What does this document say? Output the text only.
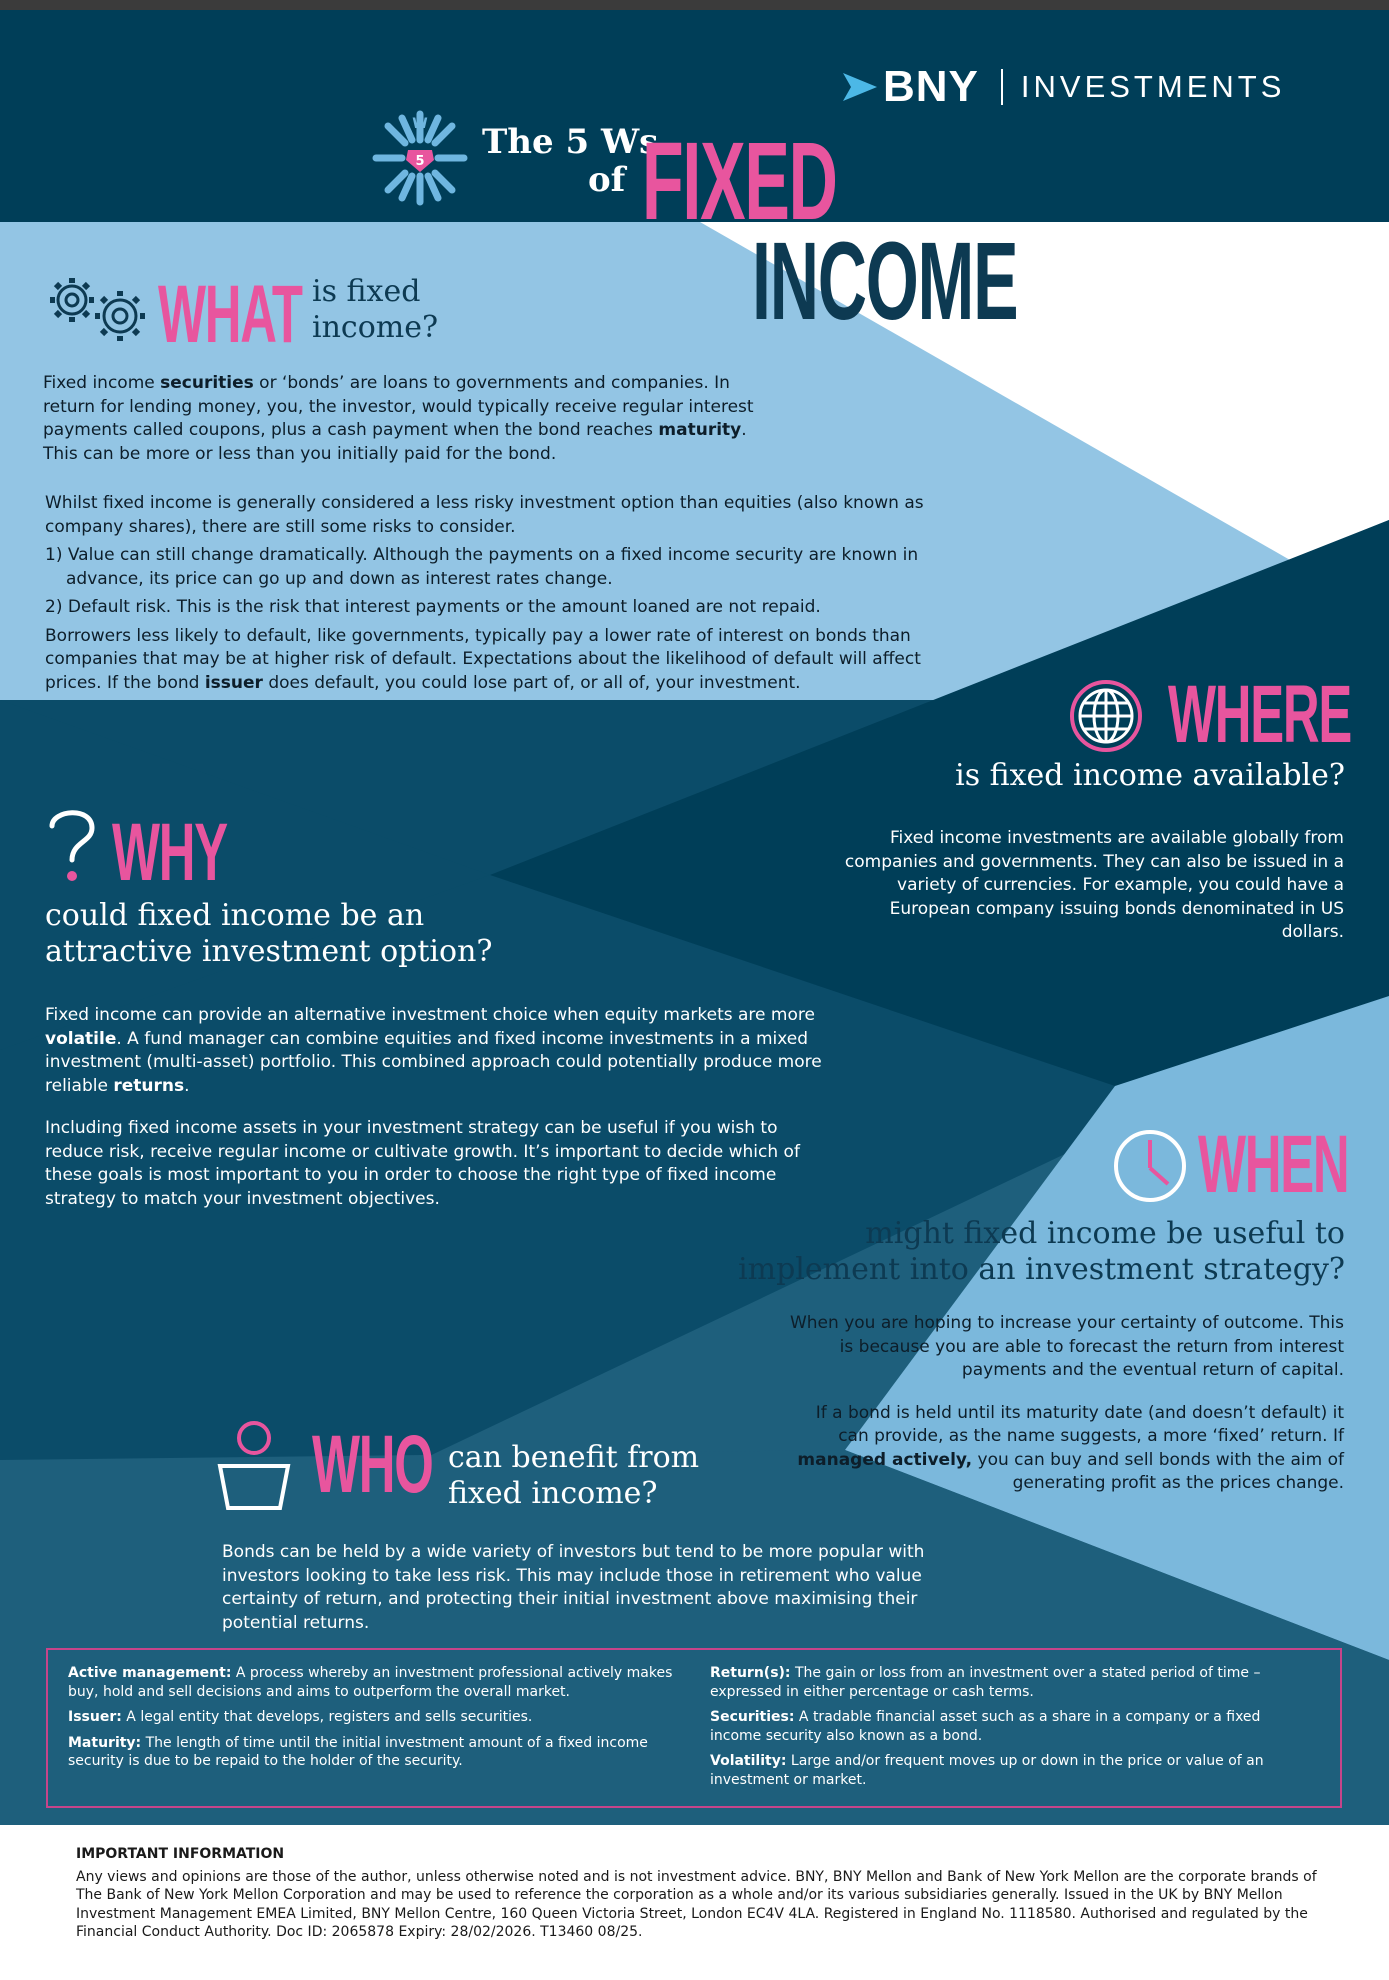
BNY INVESTMENTS
W
5 The 5 Ws
of FIXED
INCOME
WHAT is fixed
income?

Fixed income securities or ‘bonds’ are loans to governments and companies. In return for lending money, you, the investor, would typically receive regular interest payments called coupons, plus a cash payment when the bond reaches maturity. This can be more or less than you initially paid for the bond.

Whilst fixed income is generally considered a less risky investment option than equities (also known as company shares), there are still some risks to consider.

1) Value can still change dramatically. Although the payments on a fixed income security are known in advance, its price can go up and down as interest rates change.

2) Default risk. This is the risk that interest payments or the amount loaned are not repaid.

Borrowers less likely to default, like governments, typically pay a lower rate of interest on bonds than companies that may be at higher risk of default. Expectations about the likelihood of default will affect prices. If the bond issuer does default, you could lose part of, or all of, your investment.	WHERE
is fixed income available?
Fixed income investments are available globally from companies and governments. They can also be issued in a variety of currencies. For example, you could have a European company issuing bonds denominated in US dollars.
WHY
could fixed income be an
attractive investment option?

Fixed income can provide an alternative investment choice when equity markets are more volatile. A fund manager can combine equities and fixed income investments in a mixed investment (multi-asset) portfolio. This combined approach could potentially produce more reliable returns.

Including fixed income assets in your investment strategy can be useful if you wish to reduce risk, receive regular income or cultivate growth. It’s important to decide which of these goals is most important to you in order to choose the right type of fixed income strategy to match your investment objectives.	WHEN
might fixed income be useful to
implement into an investment strategy?

When you are hoping to increase your certainty of outcome. This is because you are able to forecast the return from interest payments and the eventual return of capital.

If a bond is held until its maturity date (and doesn’t default) it can provide, as the name suggests, a more ‘fixed’ return. If managed actively, you can buy and sell bonds with the aim of generating profit as the prices change.

WHO can benefit from
fixed income?
Bonds can be held by a wide variety of investors but tend to be more popular with investors looking to take less risk. This may include those in retirement who value certainty of return, and protecting their initial investment above maximising their potential returns.

Active management: A process whereby an investment professional actively makes buy, hold and sell decisions and aims to outperform the overall market.

Issuer: A legal entity that develops, registers and sells securities.

Maturity: The length of time until the initial investment amount of a fixed income security is due to be repaid to the holder of the security.

Return(s): The gain or loss from an investment over a stated period of time – expressed in either percentage or cash terms.

Securities: A tradable financial asset such as a share in a company or a fixed income security also known as a bond.

Volatility: Large and/or frequent moves up or down in the price or value of an investment or market.

IMPORTANT INFORMATION
Any views and opinions are those of the author, unless otherwise noted and is not investment advice. BNY, BNY Mellon and Bank of New York Mellon are the corporate brands of The Bank of New York Mellon Corporation and may be used to reference the corporation as a whole and/or its various subsidiaries generally. Issued in the UK by BNY Mellon Investment Management EMEA Limited, BNY Mellon Centre, 160 Queen Victoria Street, London EC4V 4LA. Registered in England No. 1118580. Authorised and regulated by the Financial Conduct Authority. Doc ID: 2065878 Expiry: 28/02/2026. T13460 08/25.
